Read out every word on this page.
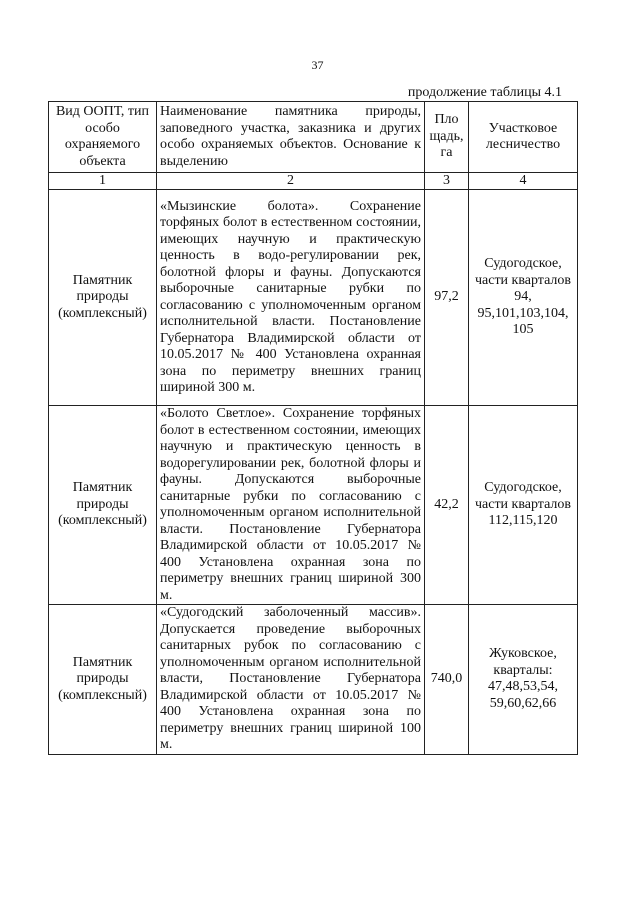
37
продолжение таблицы 4.1
Вид ООПТ, тип особо охраняемого объекта	Наименование памятника природы, заповедного участка, заказника и других особо охраняемых объектов. Основание к выделению	Пло щадь, га	Участковое лесничество
1	2	3	4
Памятник природы (комплексный)	«Мызинские болота». Сохранение торфяных болот в естественном состоянии, имеющих научную и практическую ценность в водо-регулировании рек, болотной флоры и фауны. Допускаются выборочные санитарные рубки по согласованию с уполномоченным органом исполнительной власти. Постановление Губернатора Владимирской области от 10.05.2017 № 400 Установлена охранная зона по периметру внешних границ шириной 300 м.	97,2	Судогодское, части кварталов 94, 95,101,103,104, 105
Памятник природы (комплексный)	«Болото Светлое». Сохранение торфяных болот в естественном состоянии, имеющих научную и практическую ценность в водорегулировании рек, болотной флоры и фауны. Допускаются выборочные санитарные рубки по согласованию с уполномоченным органом исполнительной власти. Постановление Губернатора Владимирской области от 10.05.2017 № 400 Установлена охранная зона по периметру внешних границ шириной 300 м.	42,2	Судогодское, части кварталов 112,115,120
Памятник природы (комплексный)	«Судогодский заболоченный массив». Допускается проведение выборочных санитарных рубок по согласованию с уполномоченным органом исполнительной власти, Постановление Губернатора Владимирской области от 10.05.2017 № 400 Установлена охранная зона по периметру внешних границ шириной 100 м.	740,0	Жуковское, кварталы: 47,48,53,54, 59,60,62,66
